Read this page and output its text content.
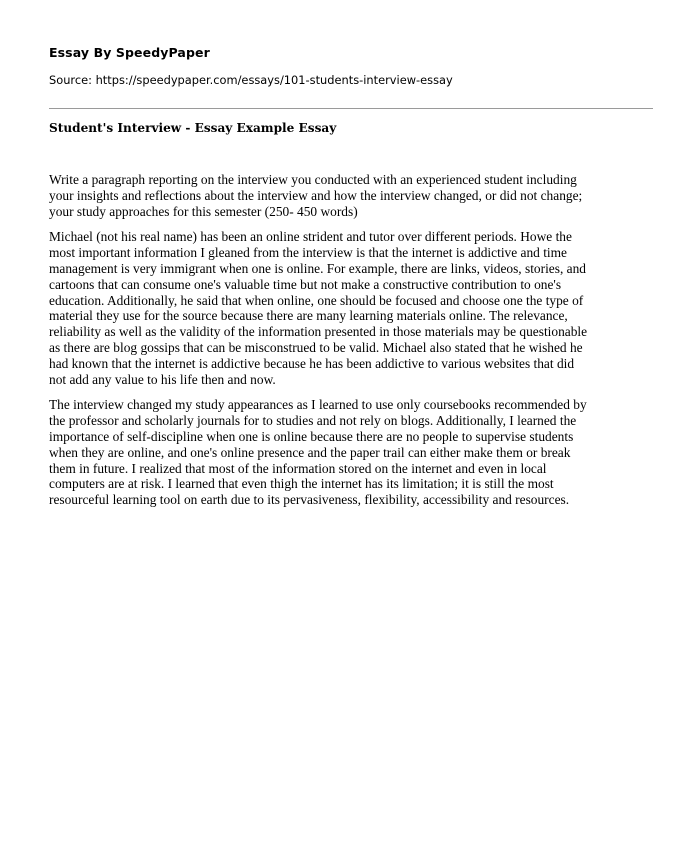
Essay By SpeedyPaper

Source: https://speedypaper.com/essays/101-students-interview-essay

Student's Interview - Essay Example Essay

Write a paragraph reporting on the interview you conducted with an experienced student including
your insights and reflections about the interview and how the interview changed, or did not change;
your study approaches for this semester (250- 450 words)

Michael (not his real name) has been an online strident and tutor over different periods. Howe the
most important information I gleaned from the interview is that the internet is addictive and time
management is very immigrant when one is online. For example, there are links, videos, stories, and
cartoons that can consume one's valuable time but not make a constructive contribution to one's
education. Additionally, he said that when online, one should be focused and choose one the type of
material they use for the source because there are many learning materials online. The relevance,
reliability as well as the validity of the information presented in those materials may be questionable
as there are blog gossips that can be misconstrued to be valid. Michael also stated that he wished he
had known that the internet is addictive because he has been addictive to various websites that did
not add any value to his life then and now.

The interview changed my study appearances as I learned to use only coursebooks recommended by
the professor and scholarly journals for to studies and not rely on blogs. Additionally, I learned the
importance of self-discipline when one is online because there are no people to supervise students
when they are online, and one's online presence and the paper trail can either make them or break
them in future. I realized that most of the information stored on the internet and even in local
computers are at risk. I learned that even thigh the internet has its limitation; it is still the most
resourceful learning tool on earth due to its pervasiveness, flexibility, accessibility and resources.
